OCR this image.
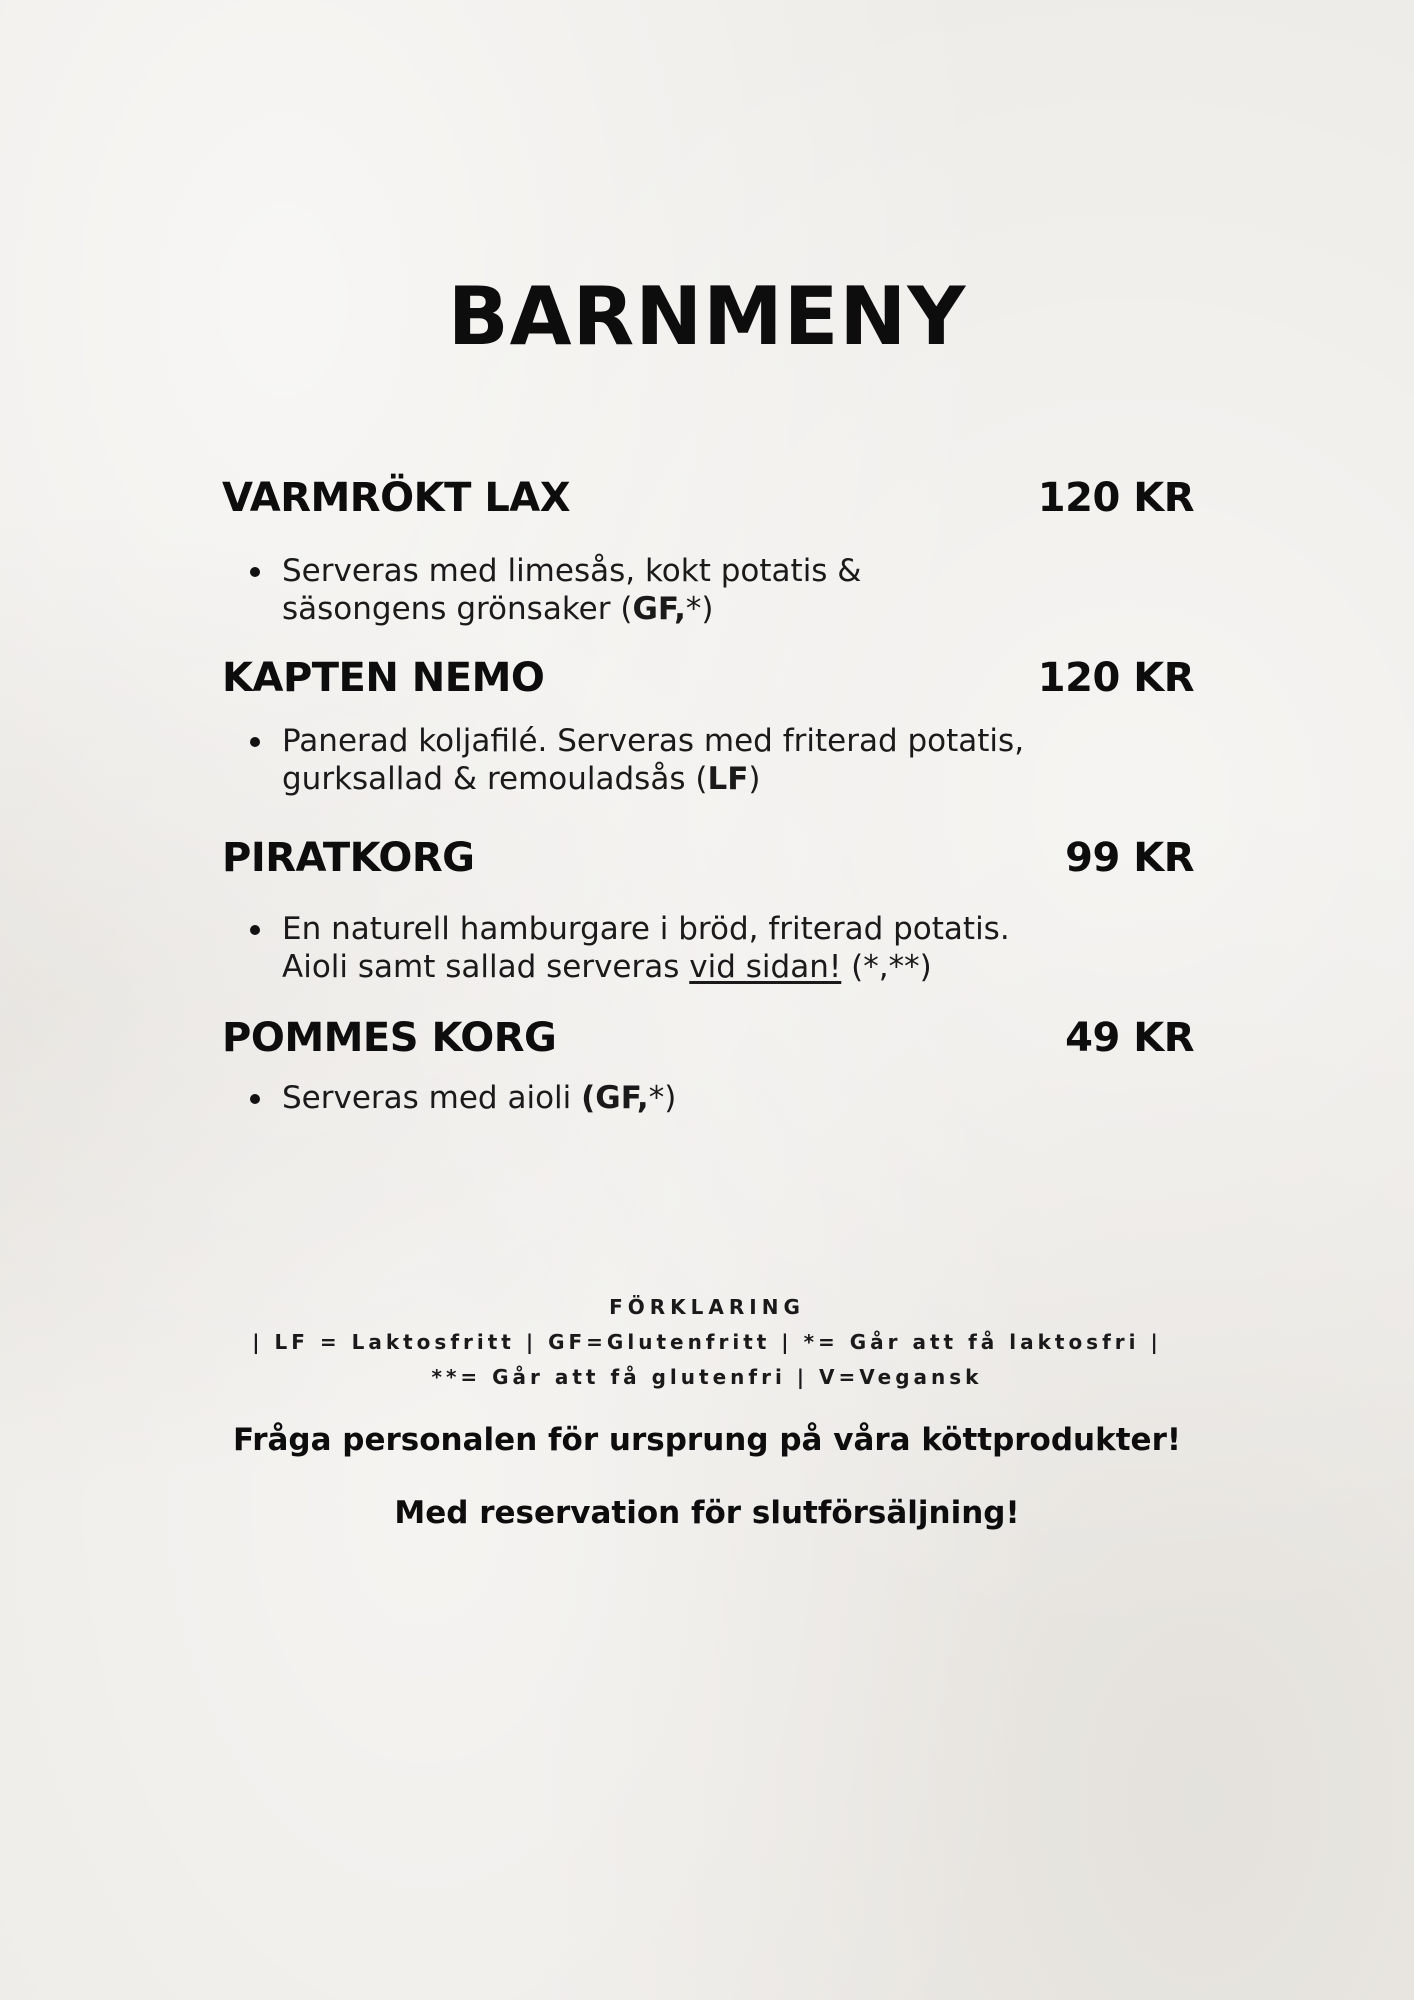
BARNMENY
VARMRÖKT LAX	120 KR
Serveras med limesås, kokt potatis &
säsongens grönsaker (GF,*)
KAPTEN NEMO	120 KR
Panerad koljafilé. Serveras med friterad potatis,
gurksallad & remouladsås (LF)
PIRATKORG	99 KR
En naturell hamburgare i bröd, friterad potatis.
Aioli samt sallad serveras vid sidan! (*,**)
POMMES KORG	49 KR
Serveras med aioli (GF,*)
FÖRKLARING
| LF = Laktosfritt | GF=Glutenfritt | *= Går att få laktosfri |
**= Går att få glutenfri | V=Vegansk
Fråga personalen för ursprung på våra köttprodukter!
Med reservation för slutförsäljning!
